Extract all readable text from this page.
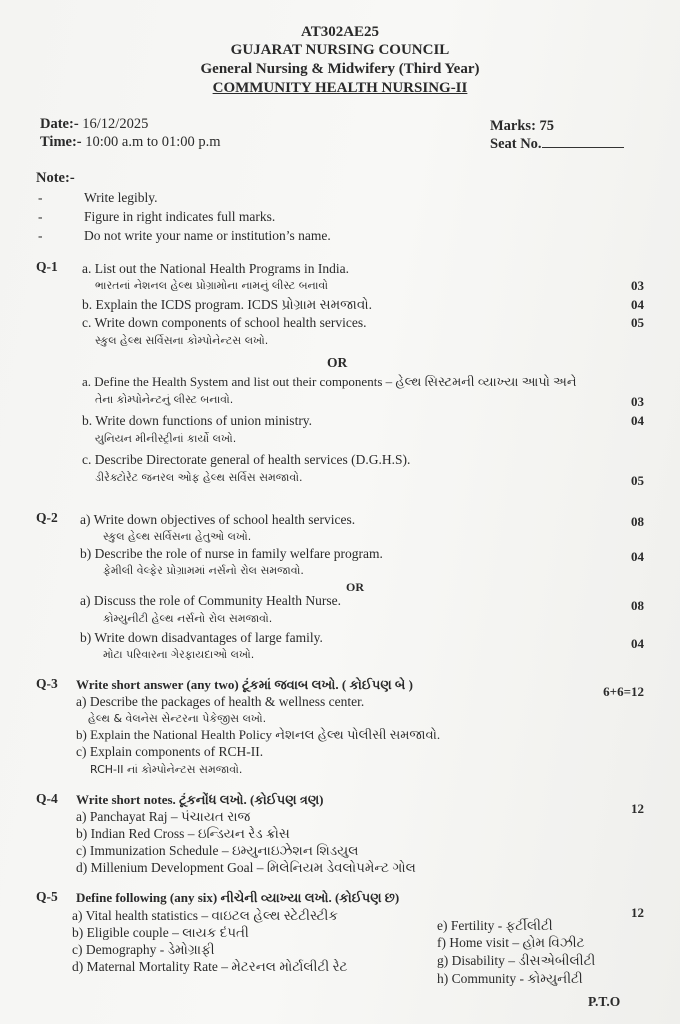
AT302AE25
GUJARAT NURSING COUNCIL
General Nursing & Midwifery (Third Year)
COMMUNITY HEALTH NURSING-II
Date:- 16/12/2025
Time:- 10:00 a.m to 01:00 p.m
Marks: 75
Seat No.
Note:-
-	Write legibly.
-	Figure in right indicates full marks.
-	Do not write your name or institution’s name.
Q-1 a. List out the National Health Programs in India.
ભારતનાં નેશનલ હેલ્થ પ્રોગ્રામોના નામનું લીસ્ટ બનાવો	03
b. Explain the ICDS program. ICDS પ્રોગ્રામ સમજાવો.	04
c. Write down components of school health services.	05
સ્કુલ હેલ્થ સર્વિસના કોમ્પોનેન્ટસ લખો.
OR
a. Define the Health System and list out their components – હેલ્થ સિસ્ટમની વ્યાખ્યા આપો અને
તેના કોમ્પોનેન્ટનું લીસ્ટ બનાવો.	03
b. Write down functions of union ministry.	04
યુનિયન મીનીસ્ટ્રીનાં કાર્યો લખો.
c. Describe Directorate general of health services (D.G.H.S).
ડીરેક્ટોરેટ જનરલ ઓફ હેલ્થ સર્વિસ સમજાવો.	05
Q-2 a) Write down objectives of school health services.	08
સ્કુલ હેલ્થ સર્વિસના હેતુઓ લખો.
b) Describe the role of nurse in family welfare program.	04
ફેમીલી વેલ્ફેર પ્રોગ્રામમાં નર્સનો રોલ સમજાવો.
OR
a) Discuss the role of Community Health Nurse.	08
કોમ્યુનીટી હેલ્થ નર્સનો રોલ સમજાવો.
b) Write down disadvantages of large family.	04
મોટા પરિવારના ગેરફાયદાઓ લખો.
Q-3 Write short answer (any two) ટૂંકમાં જવાબ લખો. ( કોઈપણ બે )	6+6=12
a) Describe the packages of health & wellness center.
હેલ્થ & વેલનેસ સેન્ટરના પેકેજીસ લખો.
b) Explain the National Health Policy નેશનલ હેલ્થ પોલીસી સમજાવો.
c) Explain components of RCH-II.
RCH-II નાં કોમ્પોનેન્ટસ સમજાવો.
Q-4 Write short notes. ટૂંકનોંધ લખો. (કોઈપણ ત્રણ)
12
a) Panchayat Raj – પંચાયત રાજ
b) Indian Red Cross – ઇન્ડિયન રેડ ક્રોસ
c) Immunization Schedule – ઇમ્યુનાઇઝેશન શિડયુલ
d) Millenium Development Goal – મિલેનિયમ ડેવલોપમેન્ટ ગોલ
Q-5 Define following (any six) નીચેની વ્યાખ્યા લખો. (કોઈપણ છ)
12
a) Vital health statistics – વાઇટલ હેલ્થ સ્ટેટીસ્ટીક
b) Eligible couple – લાયક દંપતી
c) Demography - ડેમોગ્રાફી
d) Maternal Mortality Rate – મેટરનલ મોર્ટાલીટી રેટ
e) Fertility - ફર્ટીલીટી
f) Home visit – હોમ વિઝીટ
g) Disability – ડીસએબીલીટી
h) Community - કોમ્યુનીટી
P.T.O
